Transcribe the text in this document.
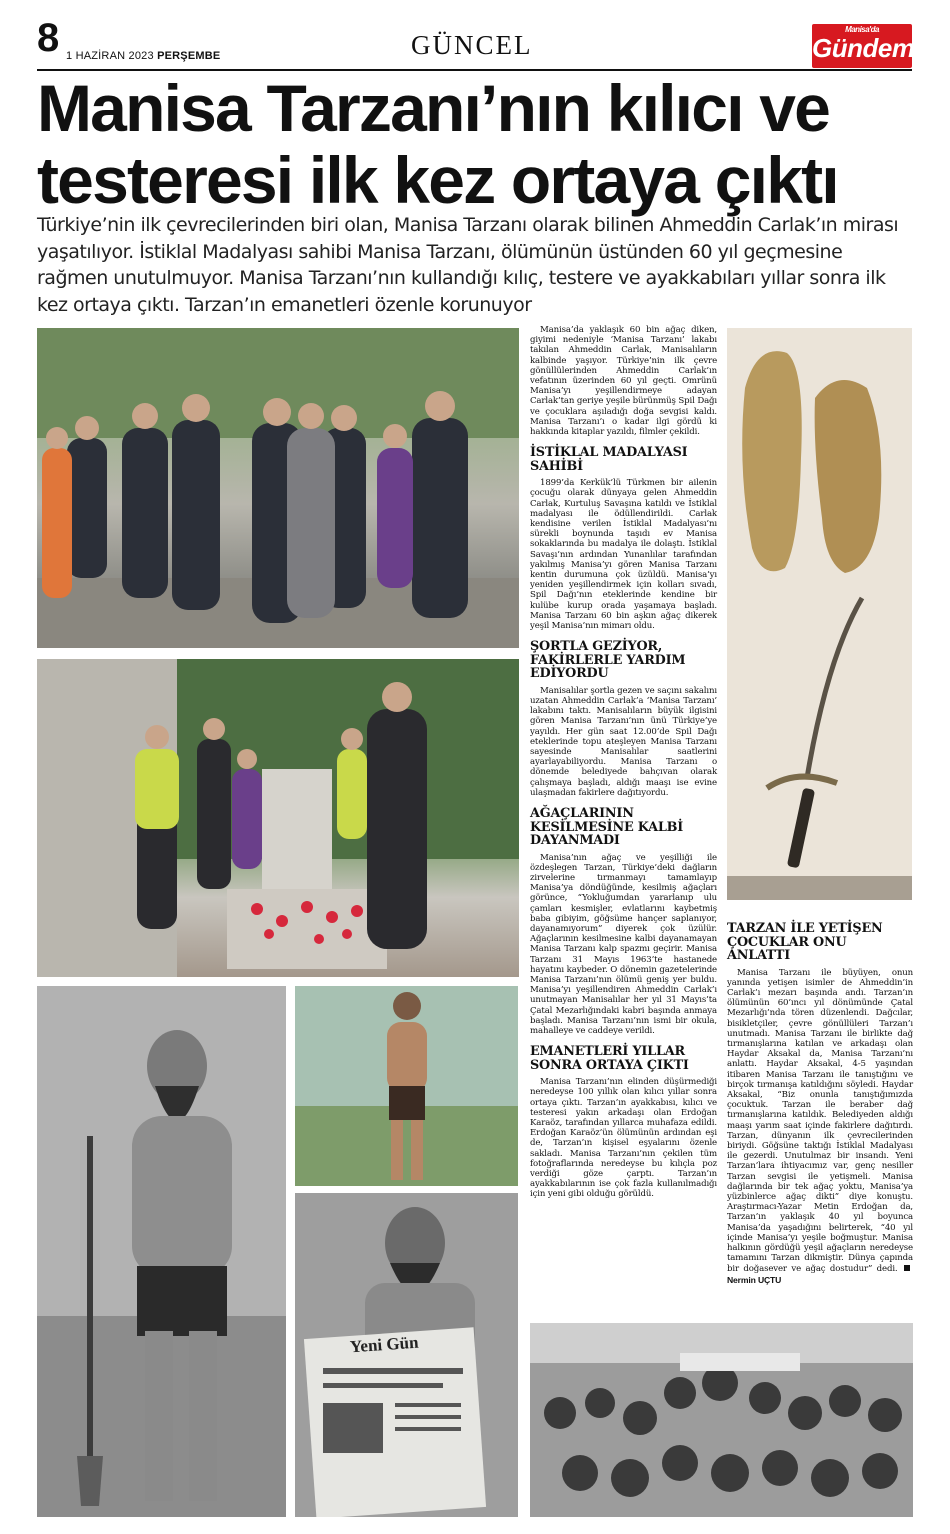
8 1 HAZİRAN 2023 PERŞEMBE	GÜNCEL
Manisa'da
Gündem
Manisa Tarzanı’nın kılıcı ve
testeresi ilk kez ortaya çıktı
Türkiye’nin ilk çevrecilerinden biri olan, Manisa Tarzanı olarak bilinen Ahmeddin Carlak’ın mirası yaşatılıyor. İstiklal Madalyası sahibi Manisa Tarzanı, ölümünün üstünden 60 yıl geçmesine rağmen unutulmuyor. Manisa Tarzanı’nın kullandığı kılıç, testere ve ayakkabıları yıllar sonra ilk kez ortaya çıktı. Tarzan’ın emanetleri özenle korunuyor
Yeni Gün

Manisa’da yaklaşık 60 bin ağaç diken, giyimi nedeniyle ‘Manisa Tarzanı’ lakabı takılan Ahmeddin Carlak, Manisalıların kalbinde yaşıyor. Türkiye’nin ilk çevre gönüllülerinden Ahmeddin Carlak’ın vefatının üzerinden 60 yıl geçti. Omrünü Manisa’yı yeşillendirmeye adayan Carlak’tan geriye yeşile bürünmüş Spil Dağı ve çocuklara aşıladığı doğa sevgisi kaldı. Manisa Tarzanı’ı o kadar ilgi gördü ki hakkında kitaplar yazıldı, filmler çekildi.

İSTİKLAL MADALYASI SAHİBİ

1899’da Kerkük’lü Türkmen bir ailenin çocuğu olarak dünyaya gelen Ahmeddin Carlak, Kurtuluş Savaşına katıldı ve İstiklal madalyası ile ödüllendirildi. Carlak kendisine verilen İstiklal Madalyası’nı sürekli boynunda taşıdı ev Manisa sokaklarında bu madalya ile dolaştı. İstiklal Savaşı’nın ardından Yunanlılar tarafından yakılmış Manisa’yı gören Manisa Tarzanı kentin durumuna çok üzüldü. Manisa’yı yeniden yeşillendirmek için kolları sıvadı, Spil Dağı’nın eteklerinde kendine bir kulübe kurup orada yaşamaya başladı. Manisa Tarzanı 60 bin aşkın ağaç dikerek yeşil Manisa’nın mimarı oldu.

ŞORTLA GEZİYOR, FAKİRLERLE YARDIM EDİYORDU

Manisalılar şortla gezen ve saçını sakalını uzatan Ahmeddin Carlak’a ‘Manisa Tarzanı’ lakabını taktı. Manisalıların büyük ilgisini gören Manisa Tarzanı’nın ünü Türkiye’ye yayıldı. Her gün saat 12.00’de Spil Dağı eteklerinde topu ateşleyen Manisa Tarzanı sayesinde Manisalılar saatlerini ayarlayabiliyordu. Manisa Tarzanı o dönemde belediyede bahçıvan olarak çalışmaya başladı, aldığı maaşı ise evine ulaşmadan fakirlere dağıtıyordu.

AĞAÇLARININ KESİLMESİNE KALBİ DAYANMADI

Manisa’nın ağaç ve yeşilliği ile özdeşlegen Tarzan, Türkiye’deki dağların zirvelerine tırmanmayı tamamlayıp Manisa’ya döndüğünde, kesilmiş ağaçları görünce, “Yokluğumdan yararlanıp ulu çamları kesmişler, evlatlarını kaybetmiş baba gibiyim, göğsüme hançer saplanıyor, dayanamıyorum” diyerek çok üzülür. Ağaçlarının kesilmesine kalbi dayanamayan Manisa Tarzanı kalp spazmı geçirir. Manisa Tarzanı 31 Mayıs 1963’te hastanede hayatını kaybeder. O dönemin gazetelerinde Manisa Tarzanı’nın ölümü geniş yer buldu. Manisa’yı yeşillendiren Ahmeddin Carlak’ı unutmayan Manisalılar her yıl 31 Mayıs’ta Çatal Mezarlığındaki kabri başında anmaya başladı. Manisa Tarzanı’nın ismi bir okula, mahalleye ve caddeye verildi.

EMANETLERİ YILLAR SONRA ORTAYA ÇIKTI

Manisa Tarzanı’nın elinden düşürmediği neredeyse 100 yıllık olan kılıcı yıllar sonra ortaya çıktı. Tarzan’ın ayakkabısı, kılıcı ve testeresi yakın arkadaşı olan Erdoğan Karaöz, tarafından yıllarca muhafaza edildi. Erdoğan Karaöz’ün ölümünün ardından eşi de, Tarzan’ın kişisel eşyalarını özenle sakladı. Manisa Tarzanı’nın çekilen tüm fotoğraflarında neredeyse bu kılıçla poz verdiği göze çarptı. Tarzan’ın ayakkabılarının ise çok fazla kullanılmadığı için yeni gibi olduğu görüldü.

TARZAN İLE YETİŞEN ÇOCUKLAR ONU ANLATTI

Manisa Tarzanı ile büyüyen, onun yanında yetişen isimler de Ahmeddin’in Carlak’ı mezarı başında andı. Tarzan’ın ölümünün 60’ıncı yıl dönümünde Çatal Mezarlığı’nda tören düzenlendi. Dağcılar, bisikletçiler, çevre gönüllüleri Tarzan’ı unutmadı. Manisa Tarzanı ile birlikte dağ tırmanışlarına katılan ve arkadaşı olan Haydar Aksakal da, Manisa Tarzanı’nı anlattı. Haydar Aksakal, 4-5 yaşından itibaren Manisa Tarzanı ile tanıştığını ve birçok tırmanışa katıldığını söyledi. Haydar Aksakal, “Biz onunla tanıştığımızda çocuktuk. Tarzan ile beraber dağ tırmanışlarına katıldık. Belediyeden aldığı maaşı yarım saat içinde fakirlere dağıtırdı. Tarzan, dünyanın ilk çevrecilerinden biriydi. Göğsüne taktığı İstiklal Madalyası ile gezerdi. Unutulmaz bir insandı. Yeni Tarzan’lara ihtiyacımız var, genç nesiller Tarzan sevgisi ile yetişmeli. Manisa dağlarında bir tek ağaç yoktu, Manisa’ya yüzbinlerce ağaç dikti” diye konuştu. Araştırmacı-Yazar Metin Erdoğan da, Tarzan’ın yaklaşık 40 yıl boyunca Manisa’da yaşadığını belirterek, “40 yıl içinde Manisa’yı yeşile boğmuştur. Manisa halkının gördüğü yeşil ağaçların neredeyse tamamını Tarzan dikmiştir. Dünya çapında bir doğasever ve ağaç dostudur” dedi. Nermin UÇTU
